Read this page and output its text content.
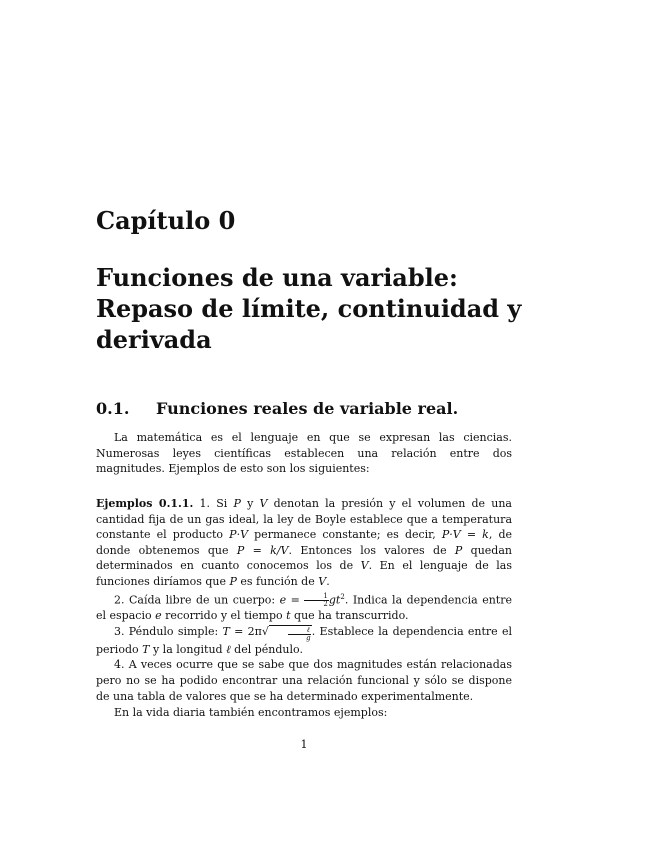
Capítulo 0
Funciones de una variable:
Repaso de límite, continuidad y
derivada
0.1. Funciones reales de variable real.

La matemática es el lenguaje en que se expresan las ciencias. Numerosas leyes científicas establecen una relación entre dos magnitudes. Ejemplos de esto son los siguientes:

Ejemplos 0.1.1. 1. Si P y V denotan la presión y el volumen de una cantidad fija de un gas ideal, la ley de Boyle establece que a temperatura constante el producto P·V permanece constante; es decir, P·V = k, de donde obtenemos que P = k/V. Entonces los valores de P quedan determinados en cuanto conocemos los de V. En el lenguaje de las funciones diríamos que P es función de V.

2. Caída libre de un cuerpo: $e = \frac{1}{2} gt^2$. Indica la dependencia entre el espacio e recorrido y el tiempo t que ha transcurrido.

3. Péndulo simple: T = 2π√	$\frac{\text{ℓ}}{g}$ . Establece la dependencia entre el periodo T y la longitud ℓ del péndulo.

4. A veces ocurre que se sabe que dos magnitudes están relacionadas pero no se ha podido encontrar una relación funcional y sólo se dispone de una tabla de valores que se ha determinado experimentalmente.

En la vida diaria también encontramos ejemplos:

1
